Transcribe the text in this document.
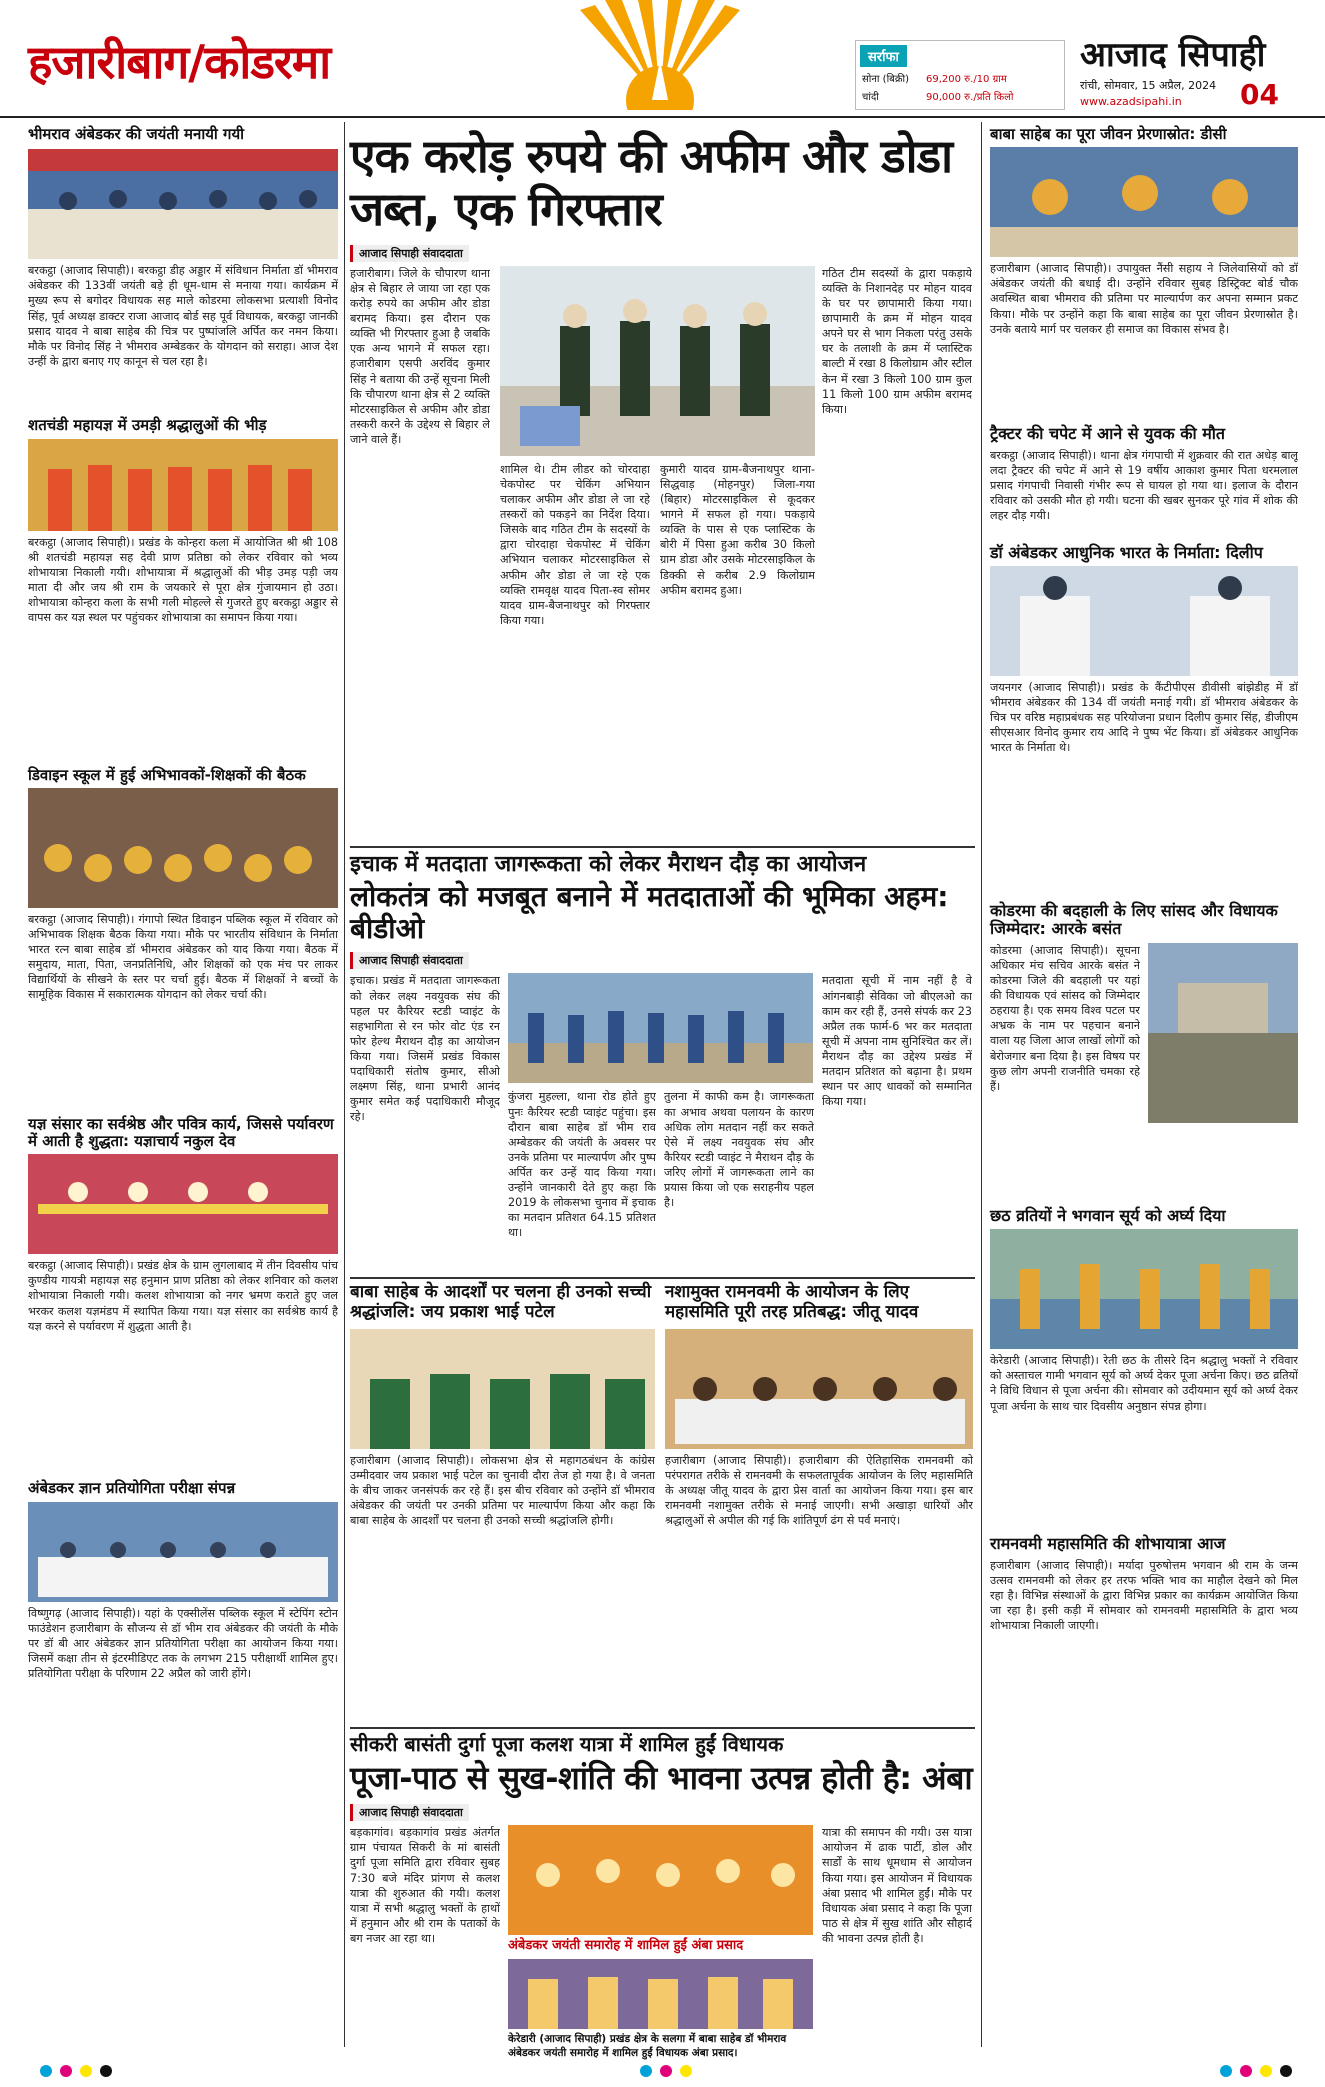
हजारीबाग/कोडरमा	सर्राफा
सोना (बिक्री) 69,200 रु./10 ग्राम
चांदी	90,000 रु./प्रति किलो
आजाद सिपाही
रांची, सोमवार, 15 अप्रैल, 2024
www.azadsipahi.in	04
भीमराव अंबेडकर की जयंती मनायी गयी
बरकट्ठा (आजाद सिपाही)। बरकट्ठा डीह अड्डार में संविधान निर्माता डॉ भीमराव अंबेडकर की 133वीं जयंती बड़े ही धूम-धाम से मनाया गया। कार्यक्रम में मुख्य रूप से बगोदर विधायक सह माले कोडरमा लोकसभा प्रत्याशी विनोद सिंह, पूर्व अध्यक्ष डाक्टर राजा आजाद बोर्ड सह पूर्व विधायक, बरकट्ठा जानकी प्रसाद यादव ने बाबा साहेब की चित्र पर पुष्पांजलि अर्पित कर नमन किया। मौके पर विनोद सिंह ने भीमराव अम्बेडकर के योगदान को सराहा। आज देश उन्हीं के द्वारा बनाए गए कानून से चल रहा है।
शतचंडी महायज्ञ में उमड़ी श्रद्धालुओं की भीड़
बरकट्ठा (आजाद सिपाही)। प्रखंड के कोन्हरा कला में आयोजित श्री श्री 108 श्री शतचंडी महायज्ञ सह देवी प्राण प्रतिष्ठा को लेकर रविवार को भव्य शोभायात्रा निकाली गयी। शोभायात्रा में श्रद्धालुओं की भीड़ उमड़ पड़ी जय माता दी और जय श्री राम के जयकारे से पूरा क्षेत्र गुंजायमान हो उठा। शोभायात्रा कोन्हरा कला के सभी गली मोहल्ले से गुजरते हुए बरकट्ठा अड्डार से वापस कर यज्ञ स्थल पर पहुंचकर शोभायात्रा का समापन किया गया।
डिवाइन स्कूल में हुई अभिभावकों-शिक्षकों की बैठक
बरकट्ठा (आजाद सिपाही)। गंगापो स्थित डिवाइन पब्लिक स्कूल में रविवार को अभिभावक शिक्षक बैठक किया गया। मौके पर भारतीय संविधान के निर्माता भारत रत्न बाबा साहेब डॉ भीमराव अंबेडकर को याद किया गया। बैठक में समुदाय, माता, पिता, जनप्रतिनिधि, और शिक्षकों को एक मंच पर लाकर विद्यार्थियों के सीखने के स्तर पर चर्चा हुई। बैठक में शिक्षकों ने बच्चों के सामूहिक विकास में सकारात्मक योगदान को लेकर चर्चा की।
यज्ञ संसार का सर्वश्रेष्ठ और पवित्र कार्य, जिससे पर्यावरण में आती है शुद्धता: यज्ञाचार्य नकुल देव
बरकट्ठा (आजाद सिपाही)। प्रखंड क्षेत्र के ग्राम लुगलाबाद में तीन दिवसीय पांच कुण्डीय गायत्री महायज्ञ सह हनुमान प्राण प्रतिष्ठा को लेकर शनिवार को कलश शोभायात्रा निकाली गयी। कलश शोभायात्रा को नगर भ्रमण कराते हुए जल भरकर कलश यज्ञमंडप में स्थापित किया गया। यज्ञ संसार का सर्वश्रेष्ठ कार्य है यज्ञ करने से पर्यावरण में शुद्धता आती है।
अंबेडकर ज्ञान प्रतियोगिता परीक्षा संपन्न
विष्णुगढ़ (आजाद सिपाही)। यहां के एक्सीलेंस पब्लिक स्कूल में स्टेपिंग स्टोन फाउंडेशन हजारीबाग के सौजन्य से डॉ भीम राव अंबेडकर की जयंती के मौके पर डॉ बी आर अंबेडकर ज्ञान प्रतियोगिता परीक्षा का आयोजन किया गया। जिसमें कक्षा तीन से इंटरमीडिएट तक के लगभग 215 परीक्षार्थी शामिल हुए। प्रतियोगिता परीक्षा के परिणाम 22 अप्रैल को जारी होंगे।
एक करोड़ रुपये की अफीम और डोडा जब्त, एक गिरफ्तार
आजाद सिपाही संवाददाता
हजारीबाग। जिले के चौपारण थाना क्षेत्र से बिहार ले जाया जा रहा एक करोड़ रुपये का अफीम और डोडा बरामद किया। इस दौरान एक व्यक्ति भी गिरफ्तार हुआ है जबकि एक अन्य भागने में सफल रहा। हजारीबाग एसपी अरविंद कुमार सिंह ने बताया की उन्हें सूचना मिली कि चौपारण थाना क्षेत्र से 2 व्यक्ति मोटरसाइकिल से अफीम और डोडा तस्करी करने के उद्देश्य से बिहार ले जाने वाले हैं।
शामिल थे। टीम लीडर को चोरदाहा चेकपोस्ट पर चेकिंग अभियान चलाकर अफीम और डोडा ले जा रहे तस्करों को पकड़ने का निर्देश दिया। जिसके बाद गठित टीम के सदस्यों के द्वारा चोरदाहा चेकपोस्ट में चेकिंग अभियान चलाकर मोटरसाइकिल से अफीम और डोडा ले जा रहे एक व्यक्ति रामवृक्ष यादव पिता-स्व सोमर यादव ग्राम-बैजनाथपुर को गिरफ्तार किया गया।
कुमारी यादव ग्राम-बैजनाथपुर थाना-सिद्धवाड़ (मोहनपुर) जिला-गया (बिहार) मोटरसाइकिल से कूदकर भागने में सफल हो गया। पकड़ाये व्यक्ति के पास से एक प्लास्टिक के बोरी में पिसा हुआ करीब 30 किलो ग्राम डोडा और उसके मोटरसाइकिल के डिक्की से करीब 2.9 किलोग्राम अफीम बरामद हुआ।
गठित टीम सदस्यों के द्वारा पकड़ाये व्यक्ति के निशानदेह पर मोहन यादव के घर पर छापामारी किया गया। छापामारी के क्रम में मोहन यादव अपने घर से भाग निकला परंतु उसके घर के तलाशी के क्रम में प्लास्टिक बाल्टी में रखा 8 किलोग्राम और स्टील केन में रखा 3 किलो 100 ग्राम कुल 11 किलो 100 ग्राम अफीम बरामद किया।
इचाक में मतदाता जागरूकता को लेकर मैराथन दौड़ का आयोजन
लोकतंत्र को मजबूत बनाने में मतदाताओं की भूमिका अहम: बीडीओ
आजाद सिपाही संवाददाता
इचाक। प्रखंड में मतदाता जागरूकता को लेकर लक्ष्य नवयुवक संघ की पहल पर कैरियर स्टडी प्वाइंट के सहभागिता से रन फोर वोट एंड रन फोर हेल्थ मैराथन दौड़ का आयोजन किया गया। जिसमें प्रखंड विकास पदाधिकारी संतोष कुमार, सीओ लक्ष्मण सिंह, थाना प्रभारी आनंद कुमार समेत कई पदाधिकारी मौजूद रहे।
कुंजरा मुहल्ला, थाना रोड होते हुए पुनः कैरियर स्टडी प्वाइंट पहुंचा। इस दौरान बाबा साहेब डॉ भीम राव अम्बेडकर की जयंती के अवसर पर उनके प्रतिमा पर माल्यार्पण और पुष्प अर्पित कर उन्हें याद किया गया। उन्होंने जानकारी देते हुए कहा कि 2019 के लोकसभा चुनाव में इचाक का मतदान प्रतिशत 64.15 प्रतिशत था।
तुलना में काफी कम है। जागरूकता का अभाव अथवा पलायन के कारण अधिक लोग मतदान नहीं कर सकते ऐसे में लक्ष्य नवयुवक संघ और कैरियर स्टडी प्वाइंट ने मैराथन दौड़ के जरिए लोगों में जागरूकता लाने का प्रयास किया जो एक सराहनीय पहल है।
मतदाता सूची में नाम नहीं है वे आंगनबाड़ी सेविका जो बीएलओ का काम कर रही हैं, उनसे संपर्क कर 23 अप्रैल तक फार्म-6 भर कर मतदाता सूची में अपना नाम सुनिश्चित कर लें। मैराथन दौड़ का उद्देश्य प्रखंड में मतदान प्रतिशत को बढ़ाना है। प्रथम स्थान पर आए धावकों को सम्मानित किया गया।
बाबा साहेब के आदर्शों पर चलना ही उनको सच्ची श्रद्धांजलि: जय प्रकाश भाई पटेल
हजारीबाग (आजाद सिपाही)। लोकसभा क्षेत्र से महागठबंधन के कांग्रेस उम्मीदवार जय प्रकाश भाई पटेल का चुनावी दौरा तेज हो गया है। वे जनता के बीच जाकर जनसंपर्क कर रहे हैं। इस बीच रविवार को उन्होंने डॉ भीमराव अंबेडकर की जयंती पर उनकी प्रतिमा पर माल्यार्पण किया और कहा कि बाबा साहेब के आदर्शों पर चलना ही उनको सच्ची श्रद्धांजलि होगी।
नशामुक्त रामनवमी के आयोजन के लिए महासमिति पूरी तरह प्रतिबद्ध: जीतू यादव
हजारीबाग (आजाद सिपाही)। हजारीबाग की ऐतिहासिक रामनवमी को परंपरागत तरीके से रामनवमी के सफलतापूर्वक आयोजन के लिए महासमिति के अध्यक्ष जीतू यादव के द्वारा प्रेस वार्ता का आयोजन किया गया। इस बार रामनवमी नशामुक्त तरीके से मनाई जाएगी। सभी अखाड़ा धारियों और श्रद्धालुओं से अपील की गई कि शांतिपूर्ण ढंग से पर्व मनाएं।
सीकरी बासंती दुर्गा पूजा कलश यात्रा में शामिल हुईं विधायक
पूजा-पाठ से सुख-शांति की भावना उत्पन्न होती है: अंबा
आजाद सिपाही संवाददाता
बड़कागांव। बड़कागांव प्रखंड अंतर्गत ग्राम पंचायत सिकरी के मां बासंती दुर्गा पूजा समिति द्वारा रविवार सुबह 7:30 बजे मंदिर प्रांगण से कलश यात्रा की शुरुआत की गयी। कलश यात्रा में सभी श्रद्धालु भक्तों के हाथों में हनुमान और श्री राम के पताकों के बग नजर आ रहा था।	अंबेडकर जयंती समारोह में शामिल हुईं अंबा प्रसाद
केरेडारी (आजाद सिपाही) प्रखंड क्षेत्र के सलगा में बाबा साहेब डॉ भीमराव अंबेडकर जयंती समारोह में शामिल हुईं विधायक अंबा प्रसाद।
यात्रा की समापन की गयी। उस यात्रा आयोजन में ढाक पार्टी, डोल और सार्डों के साथ धूमधाम से आयोजन किया गया। इस आयोजन में विधायक अंबा प्रसाद भी शामिल हुईं। मौके पर विधायक अंबा प्रसाद ने कहा कि पूजा पाठ से क्षेत्र में सुख शांति और सौहार्द की भावना उत्पन्न होती है।
बाबा साहेब का पूरा जीवन प्रेरणास्रोत: डीसी
हजारीबाग (आजाद सिपाही)। उपायुक्त नैंसी सहाय ने जिलेवासियों को डॉ अंबेडकर जयंती की बधाई दी। उन्होंने रविवार सुबह डिस्ट्रिक्ट बोर्ड चौक अवस्थित बाबा भीमराव की प्रतिमा पर माल्यार्पण कर अपना सम्मान प्रकट किया। मौके पर उन्होंने कहा कि बाबा साहेब का पूरा जीवन प्रेरणास्रोत है। उनके बताये मार्ग पर चलकर ही समाज का विकास संभव है।
ट्रैक्टर की चपेट में आने से युवक की मौत
बरकट्ठा (आजाद सिपाही)। थाना क्षेत्र गंगपाची में शुक्रवार की रात अधेड़ बालू लदा ट्रैक्टर की चपेट में आने से 19 वर्षीय आकाश कुमार पिता धरमलाल प्रसाद गंगपाची निवासी गंभीर रूप से घायल हो गया था। इलाज के दौरान रविवार को उसकी मौत हो गयी। घटना की खबर सुनकर पूरे गांव में शोक की लहर दौड़ गयी।
डॉ अंबेडकर आधुनिक भारत के निर्माता: दिलीप
जयनगर (आजाद सिपाही)। प्रखंड के कैंटीपीएस डीवीसी बांझेडीह में डॉ भीमराव अंबेडकर की 134 वीं जयंती मनाई गयी। डॉ भीमराव अंबेडकर के चित्र पर वरिष्ठ महाप्रबंधक सह परियोजना प्रधान दिलीप कुमार सिंह, डीजीएम सीएसआर विनोद कुमार राय आदि ने पुष्प भेंट किया। डॉ अंबेडकर आधुनिक भारत के निर्माता थे।
कोडरमा की बदहाली के लिए सांसद और विधायक जिम्मेदार: आरके बसंत
कोडरमा (आजाद सिपाही)। सूचना अधिकार मंच सचिव आरके बसंत ने कोडरमा जिले की बदहाली पर यहां की विधायक एवं सांसद को जिम्मेदार ठहराया है। एक समय विश्व पटल पर अभ्रक के नाम पर पहचान बनाने वाला यह जिला आज लाखों लोगों को बेरोजगार बना दिया है। इस विषय पर कुछ लोग अपनी राजनीति चमका रहे हैं।
छठ व्रतियों ने भगवान सूर्य को अर्घ्य दिया
केरेडारी (आजाद सिपाही)। रेती छठ के तीसरे दिन श्रद्धालु भक्तों ने रविवार को अस्ताचल गामी भगवान सूर्य को अर्घ्य देकर पूजा अर्चना किए। छठ व्रतियों ने विधि विधान से पूजा अर्चना की। सोमवार को उदीयमान सूर्य को अर्घ्य देकर पूजा अर्चना के साथ चार दिवसीय अनुष्ठान संपन्न होगा।
रामनवमी महासमिति की शोभायात्रा आज
हजारीबाग (आजाद सिपाही)। मर्यादा पुरुषोत्तम भगवान श्री राम के जन्म उत्सव रामनवमी को लेकर हर तरफ भक्ति भाव का माहौल देखने को मिल रहा है। विभिन्न संस्थाओं के द्वारा विभिन्न प्रकार का कार्यक्रम आयोजित किया जा रहा है। इसी कड़ी में सोमवार को रामनवमी महासमिति के द्वारा भव्य शोभायात्रा निकाली जाएगी।
